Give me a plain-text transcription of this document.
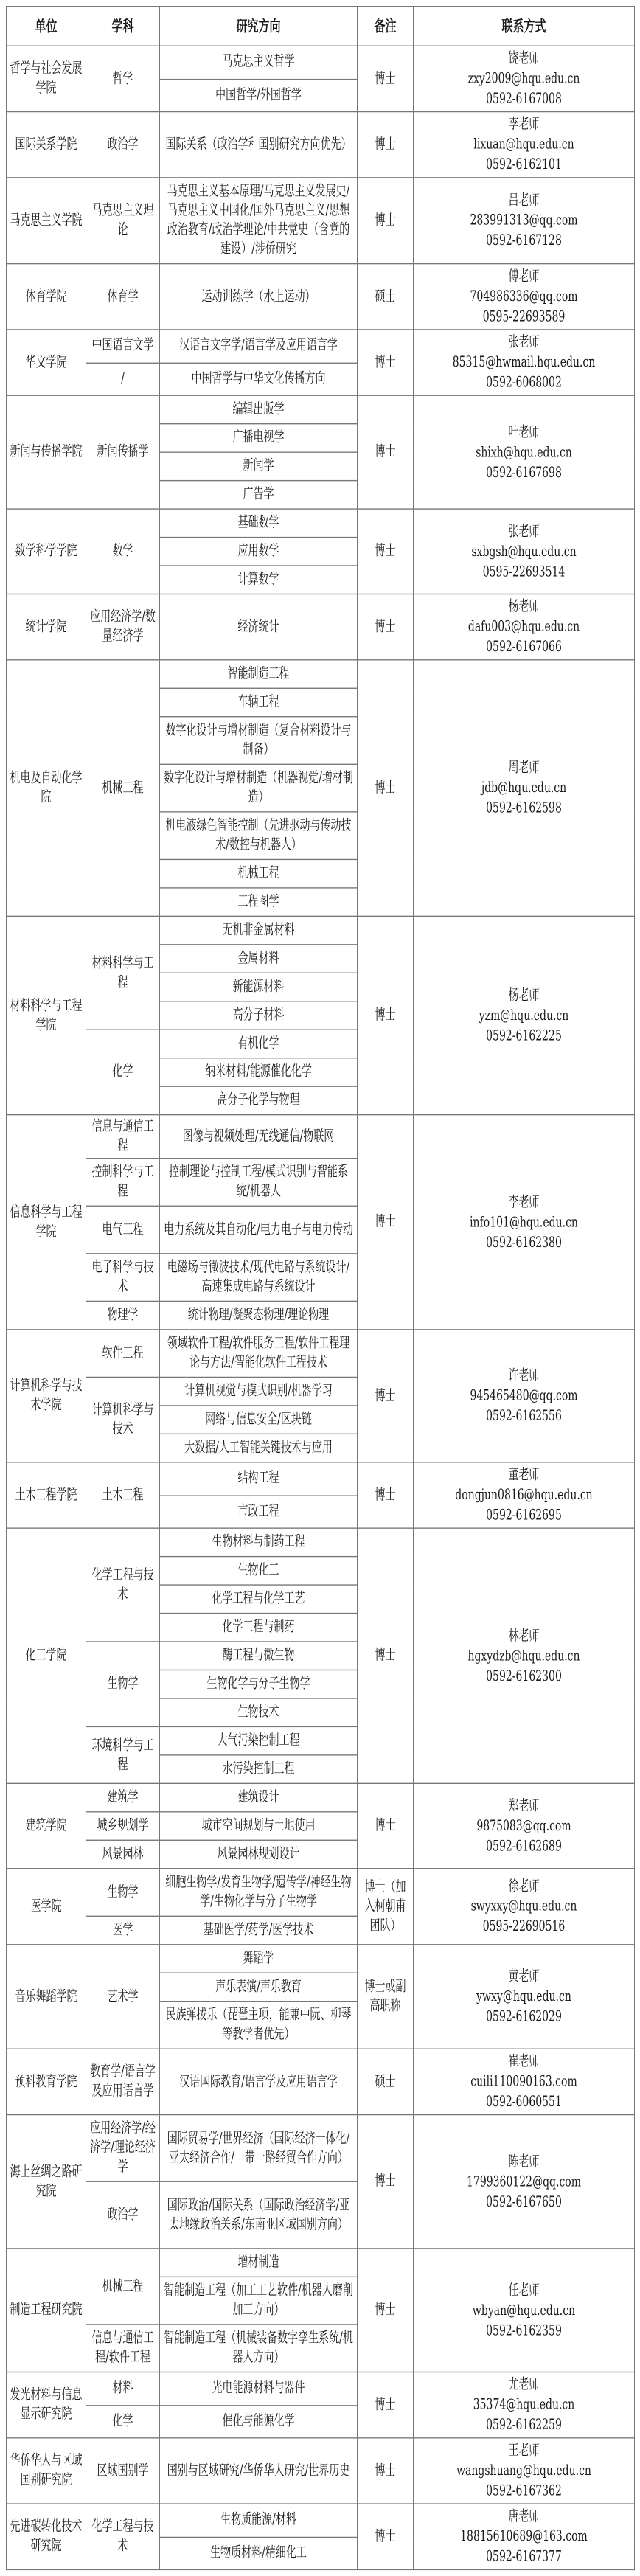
单位	学科	研究方向	备注	联系方式
哲学与社会发展学院	哲学	马克思主义哲学	博士	饶老师
zxy2009@hqu.edu.cn
0592-6167008

		中国哲学/外国哲学		
国际关系学院	政治学	国际关系（政治学和国别研究方向优先）	博士	李老师
lixuan@hqu.edu.cn
0592-6162101

马克思主义学院	马克思主义理论	马克思主义基本原理/马克思主义发展史/马克思主义中国化/国外马克思主义/思想政治教育/政治学理论/中共党史（含党的建设）/涉侨研究	博士	吕老师
283991313@qq.com
0592-6167128

体育学院	体育学	运动训练学（水上运动）	硕士	傅老师
704986336@qq.com
0595-22693589

华文学院	中国语言文学	汉语言文字学/语言学及应用语言学	博士	张老师
85315@hwmail.hqu.edu.cn
0592-6068002

	/	中国哲学与中华文化传播方向		
新闻与传播学院	新闻传播学	编辑出版学	博士	叶老师
shixh@hqu.edu.cn
0592-6167698

		广播电视学		
		新闻学		
		广告学		
数学科学学院	数学	基础数学	博士	张老师
sxbgsh@hqu.edu.cn
0595-22693514

		应用数学		
		计算数学		
统计学院	应用经济学/数量经济学	经济统计	博士	杨老师
dafu003@hqu.edu.cn
0592-6167066

机电及自动化学院	机械工程	智能制造工程	博士	周老师
jdb@hqu.edu.cn
0592-6162598

		车辆工程		
		数字化设计与增材制造（复合材料设计与制备）		
		数字化设计与增材制造（机器视觉/增材制造）		
		机电液绿色智能控制（先进驱动与传动技术/数控与机器人）		
		机械工程		
		工程图学		
材料科学与工程学院	材料科学与工程	无机非金属材料	博士	杨老师
yzm@hqu.edu.cn
0592-6162225

		金属材料		
		新能源材料		
		高分子材料		
	化学	有机化学		
		纳米材料/能源催化化学		
		高分子化学与物理		
信息科学与工程学院	信息与通信工程	图像与视频处理/无线通信/物联网	博士	李老师
info101@hqu.edu.cn
0592-6162380

	控制科学与工程	控制理论与控制工程/模式识别与智能系统/机器人		
	电气工程	电力系统及其自动化/电力电子与电力传动		
	电子科学与技术	电磁场与微波技术/现代电路与系统设计/高速集成电路与系统设计		
	物理学	统计物理/凝聚态物理/理论物理		
计算机科学与技术学院	软件工程	领域软件工程/软件服务工程/软件工程理论与方法/智能化软件工程技术	博士	许老师
945465480@qq.com
0592-6162556

	计算机科学与技术	计算机视觉与模式识别/机器学习		
		网络与信息安全/区块链		
		大数据/人工智能关键技术与应用		
土木工程学院	土木工程	结构工程	博士	董老师
dongjun0816@hqu.edu.cn
0592-6162695

		市政工程		
化工学院	化学工程与技术	生物材料与制药工程	博士	林老师
hgxydzb@hqu.edu.cn
0592-6162300

		生物化工		
		化学工程与化学工艺		
		化学工程与制药		
	生物学	酶工程与微生物		
		生物化学与分子生物学		
		生物技术		
	环境科学与工程	大气污染控制工程		
		水污染控制工程		
建筑学院	建筑学	建筑设计	博士	郑老师
9875083@qq.com
0592-6162689

	城乡规划学	城市空间规划与土地使用		
	风景园林	风景园林规划设计		
医学院	生物学	细胞生物学/发育生物学/遗传学/神经生物学/生物化学与分子生物学	博士（加入柯朝甫团队）	徐老师
swyxxy@hqu.edu.cn
0595-22690516

	医学	基础医学/药学/医学技术		
音乐舞蹈学院	艺术学	舞蹈学	博士或副高职称	黄老师
ywxy@hqu.edu.cn
0592-6162029

		声乐表演/声乐教育		
		民族弹拨乐（琵琶主项，能兼中阮、柳琴等教学者优先）		
预科教育学院	教育学/语言学及应用语言学	汉语国际教育/语言学及应用语言学	硕士	崔老师
cuili110090163.com
0592-6060551

海上丝绸之路研究院	应用经济学/经济学/理论经济学	国际贸易学/世界经济（国际经济一体化/亚太经济合作/一带一路经贸合作方向）	博士	陈老师
1799360122@qq.com
0592-6167650

	政治学	国际政治/国际关系（国际政治经济学/亚太地缘政治关系/东南亚区域国别方向）		
制造工程研究院	机械工程	增材制造	博士	任老师
wbyan@hqu.edu.cn
0592-6162359

		智能制造工程（加工工艺软件/机器人磨削加工方向）		
	信息与通信工程/软件工程	智能制造工程（机械装备数字孪生系统/机器人方向）		
发光材料与信息显示研究院	材料	光电能源材料与器件	博士	尤老师
35374@hqu.edu.cn
0592-6162259

	化学	催化与能源化学		
华侨华人与区域国别研究院	区域国别学	国别与区域研究/华侨华人研究/世界历史	博士	王老师
wangshuang@hqu.edu.cn
0592-6167362

先进碳转化技术研究院	化学工程与技术	生物质能源/材料	博士	唐老师
18815610689@163.com
0592-6167377

		生物质材料/精细化工		
